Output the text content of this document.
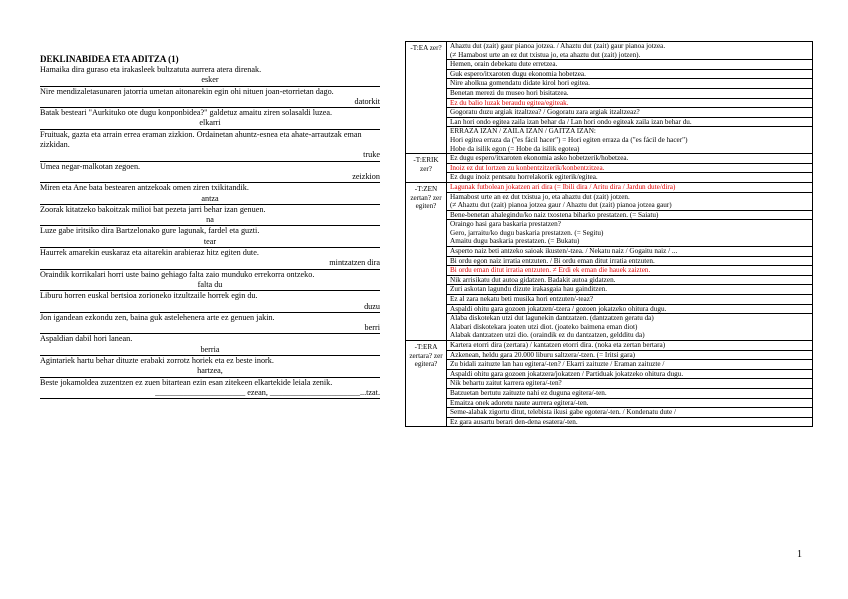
DEKLINABIDEA ETA ADITZA (1)
Hamaika dira guraso eta irakasleek bultzatuta aurrera atera direnak.
esker
Nire mendizaletasunaren jatorria umetan aitonarekin egin ohi nituen joan-etorrietan dago.
datorkit
Batak besteari "Aurkituko ote dugu konponbidea?" galdetuz amaitu ziren solasaldi luzea.
elkarri
Fruituak, gazta eta arrain errea eraman zizkion. Ordainetan ahuntz-esnea eta ahate-arrautzak eman zizkidan.
truke
Umea negar-malkotan zegoen.
zeizkion
Miren eta Ane bata bestearen antzekoak omen ziren txikitandik.
antza
Zoorak kitatzeko bakoitzak milioi bat pezeta jarri behar izan genuen.
na
Luze gabe iritsiko dira Bartzelonako gure lagunak, fardel eta guzti.
tear
Haurrek amarekin euskaraz eta aitarekin arabieraz hitz egiten dute.
mintzatzen dira
Oraindik korrikalari horri uste baino gehiago falta zaio munduko errekorra ontzeko.
falta du
Liburu horren euskal bertsioa zorioneko itzultzaile horrek egin du.
duzu
Jon igandean ezkondu zen, baina guk astelehenera arte ez genuen jakin.
berri
Aspaldian dabil hori lanean.
berria
Agintariek hartu behar dituzte erabaki zorrotz horiek eta ez beste inork.
hartzea,
Beste jokamoldea zuzentzen ez zuen bitartean ezin esan zitekeen elkartekide leiala zenik.
______________________ ezean, ______________________...tzat.
-T:EA zer?	Ahaztu dut (zait) gaur pianoa jotzea. / Ahaztu dut (zait) gaur pianoa jotzea.
(≠ Hamabost urte an ez dut txistua jo, eta ahaztu dut (zait) jotzen).
	Hemen, orain debekatu dute erretzea.
	Guk espero/itxaroten dugu ekonomia hobetzea.
	Nire aholkua gomendatu didate kirol hori egitea.
	Benetan merezi du museo hori bisitatzea.
	Ez du balio luzak beraudu egitea/egiteak.
	Gogoratu duzu argiak itzaltzea? / Gogoratu zara argiak itzaltzeaz?
	Lan hori ondo egitea zaila izan behar da / Lan hori ondo egiteak zaila izan behar du.
	ERRAZA IZAN / ZAILA IZAN / GAITZA IZAN:
Hori egitea erraza da ("es fácil hacer") = Hori egiten erraza da ("es fácil de hacer")
Hobe da isilik egon (= Hobe da isilik egotea)
-T:ERIK zer?	Ez dugu espero/itxaroten ekonomia asko hobetzerik/hobetzea.
	Inoiz ez dut lortzen zu konbentzitzerik/konbentzitzea.
	Ez dugu inoiz pentsatu horrelakorik egiterik/egitea.
-T:ZEN zertan? zer egiten?	Lagunak futbolean jokatzen ari dira (= Ibili dira / Aritu dira / Jardun dute/dira)
	Hamabost urte an ez dut txistua jo, eta ahaztu dut (zait) jotzen.
(≠ Ahaztu dut (zait) pianoa jotzea gaur / Ahaztu dut (zait) pianoa jotzea gaur)
	Bene-benetan ahalegindu/ko naiz txostena biharko prestatzen. (= Saiatu)
	Oraingo hasi gara baskaria prestatzen?
Gero, jarraitu/ko dugu baskaria prestatzen. (= Segitu)
Amaitu dugu baskaria prestatzen. (= Bukatu)
	Asperto naiz beti antzeko saioak ikusten/-tzea. / Nekatu naiz / Gogaitu naiz / ...
	Bi ordu egon naiz irratia entzuten. / Bi ordu eman ditut irratia entzuten.
	Bi ordu eman ditut irratia entzuten. ≠ Erdi ek eman die hauek zaizten.
	Nik arrisikatu dut autoa gidatzen. Badakit autoa gidatzen.
	Zuri askotan lagundu dizute irakasgaia hau gainditzen.
	Ez al zara nekatu beti musika hori entzuten/-teaz?
	Aspaldi ohitu gara gozoen jokatzen/-tzera / gozoen jokatzeko ohitura dugu.
	Alaba diskotekan utzi dut lagunekin dantzatzen. (dantzatzen geratu da)
Alabari diskotekara joaten utzi diot. (joateko baimena eman diot)
Alabak dantzatzen utzi dio. (oraindik ez du dantzatzen, geldditu da)
-T:ERA zertara? zer egitera?	Kartera etorri dira (zertara) / kantatzen etorri dira. (noka eta zertan bertara)
	Azkenean, heldu gara 20.000 liburu saltzera/-tzen. (= Iritsi gara)
	Zu bidali zaituzte lan hau egitera/-ten? / Ekarri zaituzte / Eraman zaituzte /
	Aspaldi ohitu gara gozoen jokatzera/jokatzen / Partiduak jokatzeko ohitura dugu.
	Nik behartu zaitut karrera egitera/-ten?
	Batzuetan bertutu zaituzte nahi ez duguna egitera/-ten.
	Emaitza onek adoretu naute aurrera egitera/-ten.
	Seme-alabak zigortu ditut, telebista ikusi gabe egotera/-ten. / Kondenatu dute /
	Ez gara ausartu berari den-dena esatera/-ten.
1
